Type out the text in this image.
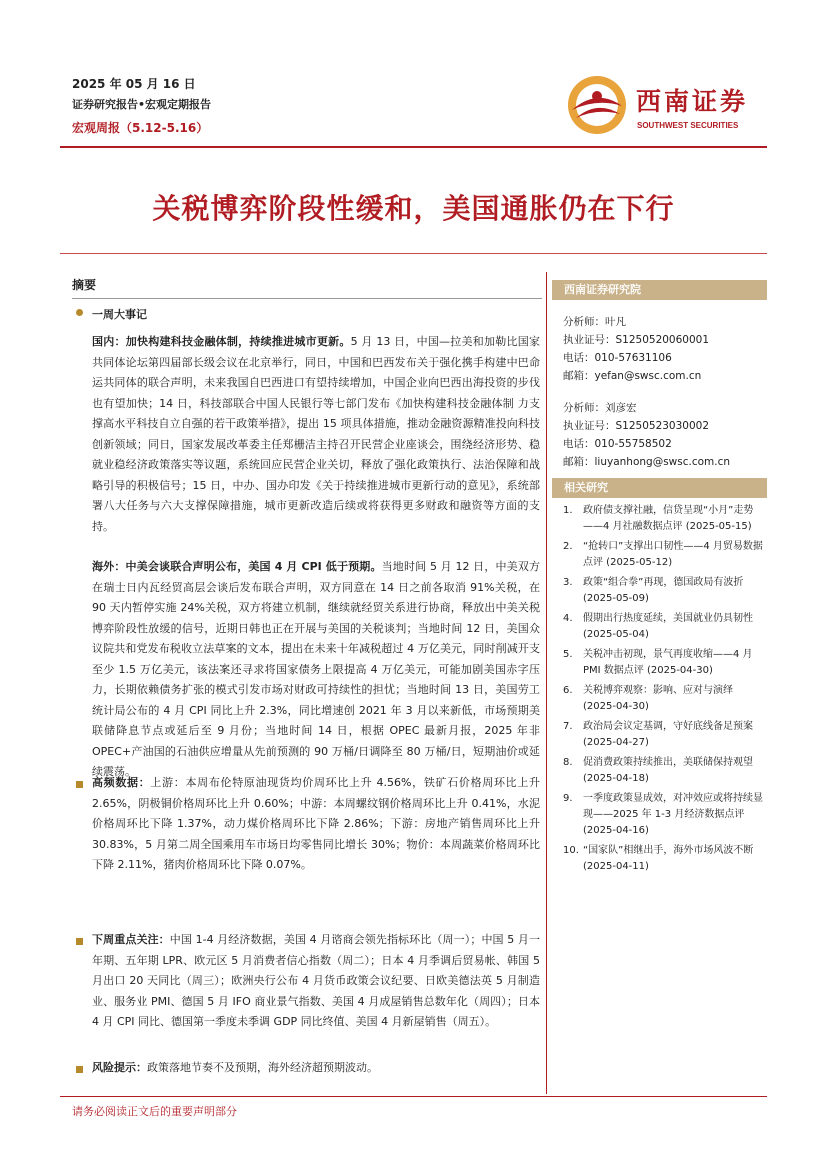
2025 年 05 月 16 日
证券研究报告•宏观定期报告
宏观周报（5.12-5.16）
西南证券
SOUTHWEST SECURITIES
关税博弈阶段性缓和，美国通胀仍在下行
摘要
一周大事记
国内：加快构建科技金融体制，持续推进城市更新。5 月 13 日，中国—拉美和加勒比国家共同体论坛第四届部长级会议在北京举行，同日，中国和巴西发布关于强化携手构建中巴命运共同体的联合声明，未来我国自巴西进口有望持续增加，中国企业向巴西出海投资的步伐也有望加快；14 日，科技部联合中国人民银行等七部门发布《加快构建科技金融体制 力支撑高水平科技自立自强的若干政策举措》，提出 15 项具体措施，推动金融资源精准投向科技创新领域；同日，国家发展改革委主任郑栅洁主持召开民营企业座谈会，围绕经济形势、稳就业稳经济政策落实等议题，系统回应民营企业关切，释放了强化政策执行、法治保障和战略引导的积极信号；15 日，中办、国办印发《关于持续推进城市更新行动的意见》，系统部署八大任务与六大支撑保障措施，城市更新改造后续或将获得更多财政和融资等方面的支持。
海外：中美会谈联合声明公布，美国 4 月 CPI 低于预期。当地时间 5 月 12 日，中美双方在瑞士日内瓦经贸高层会谈后发布联合声明，双方同意在 14 日之前各取消 91%关税，在 90 天内暂停实施 24%关税，双方将建立机制，继续就经贸关系进行协商，释放出中美关税博弈阶段性放缓的信号，近期日韩也正在开展与美国的关税谈判；当地时间 12 日，美国众议院共和党发布税收立法草案的文本，提出在未来十年减税超过 4 万亿美元，同时削减开支至少 1.5 万亿美元，该法案还寻求将国家债务上限提高 4 万亿美元，可能加剧美国赤字压力，长期依赖债务扩张的模式引发市场对财政可持续性的担忧；当地时间 13 日，美国劳工统计局公布的 4 月 CPI 同比上升 2.3%，同比增速创 2021 年 3 月以来新低，市场预期美联储降息节点或延后至 9 月份；当地时间 14 日，根据 OPEC 最新月报，2025 年非 OPEC+产油国的石油供应增量从先前预测的 90 万桶/日调降至 80 万桶/日，短期油价或延续震荡。
高频数据：上游：本周布伦特原油现货均价周环比上升 4.56%，铁矿石价格周环比上升 2.65%，阴极铜价格周环比上升 0.60%；中游：本周螺纹钢价格周环比上升 0.41%，水泥价格周环比下降 1.37%，动力煤价格周环比下降 2.86%；下游：房地产销售周环比上升 30.83%，5 月第二周全国乘用车市场日均零售同比增长 30%；物价：本周蔬菜价格周环比下降 2.11%，猪肉价格周环比下降 0.07%。
下周重点关注：中国 1-4 月经济数据，美国 4 月谘商会领先指标环比（周一）；中国 5 月一年期、五年期 LPR、欧元区 5 月消费者信心指数（周二）；日本 4 月季调后贸易帐、韩国 5 月出口 20 天同比（周三）；欧洲央行公布 4 月货币政策会议纪要、日欧美德法英 5 月制造业、服务业 PMI、德国 5 月 IFO 商业景气指数、美国 4 月成屋销售总数年化（周四）；日本 4 月 CPI 同比、德国第一季度未季调 GDP 同比终值、美国 4 月新屋销售（周五）。
风险提示：政策落地节奏不及预期，海外经济超预期波动。
西南证券研究院
分析师：叶凡
执业证号：S1250520060001
电话：010-57631106
邮箱：yefan@swsc.com.cn
分析师：刘彦宏
执业证号：S1250523030002
电话：010-55758502
邮箱：liuyanhong@swsc.com.cn
相关研究
1. 政府债支撑社融，信贷呈现“小月”走势——4 月社融数据点评 (2025-05-15)
2. “抢转口”支撑出口韧性——4 月贸易数据点评 (2025-05-12)
3. 政策“组合拳”再现，德国政局有波折 (2025-05-09)
4. 假期出行热度延续，美国就业仍具韧性 (2025-05-04)
5. 关税冲击初现，景气再度收缩——4 月 PMI 数据点评 (2025-04-30)
6. 关税博弈观察：影响、应对与演绎 (2025-04-30)
7. 政治局会议定基调，守好底线备足预案 (2025-04-27)
8. 促消费政策持续推出，美联储保持观望 (2025-04-18)
9. 一季度政策显成效，对冲效应或将持续显现——2025 年 1-3 月经济数据点评 (2025-04-16)
10. “国家队”相继出手，海外市场风波不断 (2025-04-11)
请务必阅读正文后的重要声明部分
